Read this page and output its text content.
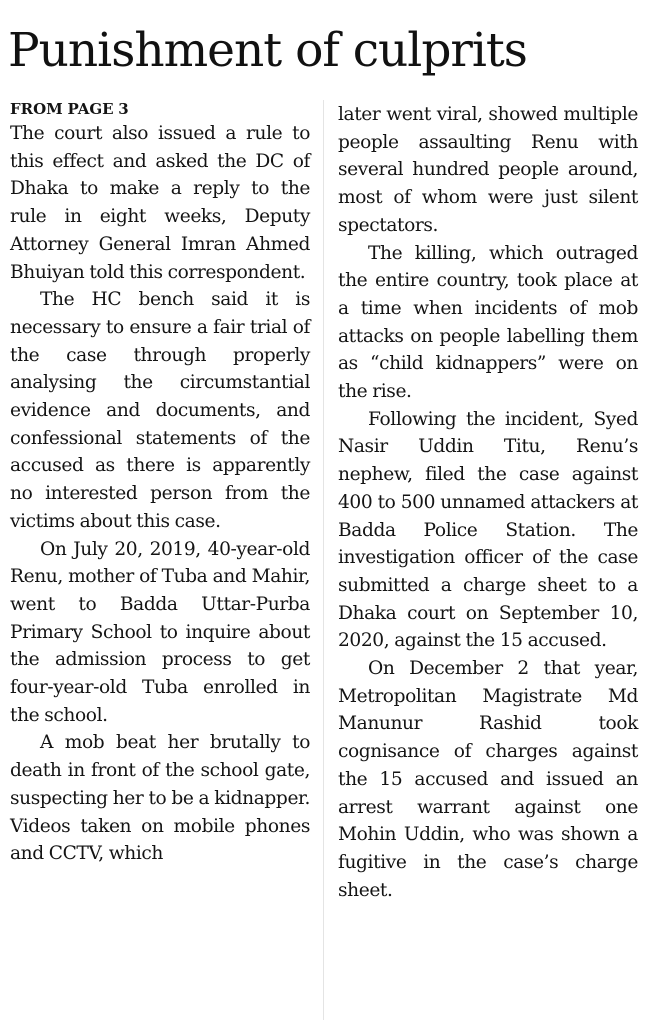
Punishment of culprits
FROM PAGE 3

The court also issued a rule to this effect and asked the DC of Dhaka to make a reply to the rule in eight weeks, Deputy Attorney General Imran Ahmed Bhuiyan told this correspondent.

The HC bench said it is necessary to ensure a fair trial of the case through properly analysing the circumstantial evidence and documents, and confessional statements of the accused as there is apparently no interested person from the victims about this case.

On July 20, 2019, 40-year-old Renu, mother of Tuba and Mahir, went to Badda Uttar-Purba Primary School to inquire about the admission process to get four-year-old Tuba enrolled in the school.

A mob beat her brutally to death in front of the school gate, suspecting her to be a kidnapper. Videos taken on mobile phones and CCTV, which

later went viral, showed multiple people assaulting Renu with several hundred people around, most of whom were just silent spectators.

The killing, which outraged the entire country, took place at a time when incidents of mob attacks on people labelling them as “child kidnappers” were on the rise.

Following the incident, Syed Nasir Uddin Titu, Renu’s nephew, filed the case against 400 to 500 unnamed attackers at Badda Police Station. The investigation officer of the case submitted a charge sheet to a Dhaka court on September 10, 2020, against the 15 accused.

On December 2 that year, Metropolitan Magistrate Md Manunur Rashid took cognisance of charges against the 15 accused and issued an arrest warrant against one Mohin Uddin, who was shown a fugitive in the case’s charge sheet.
